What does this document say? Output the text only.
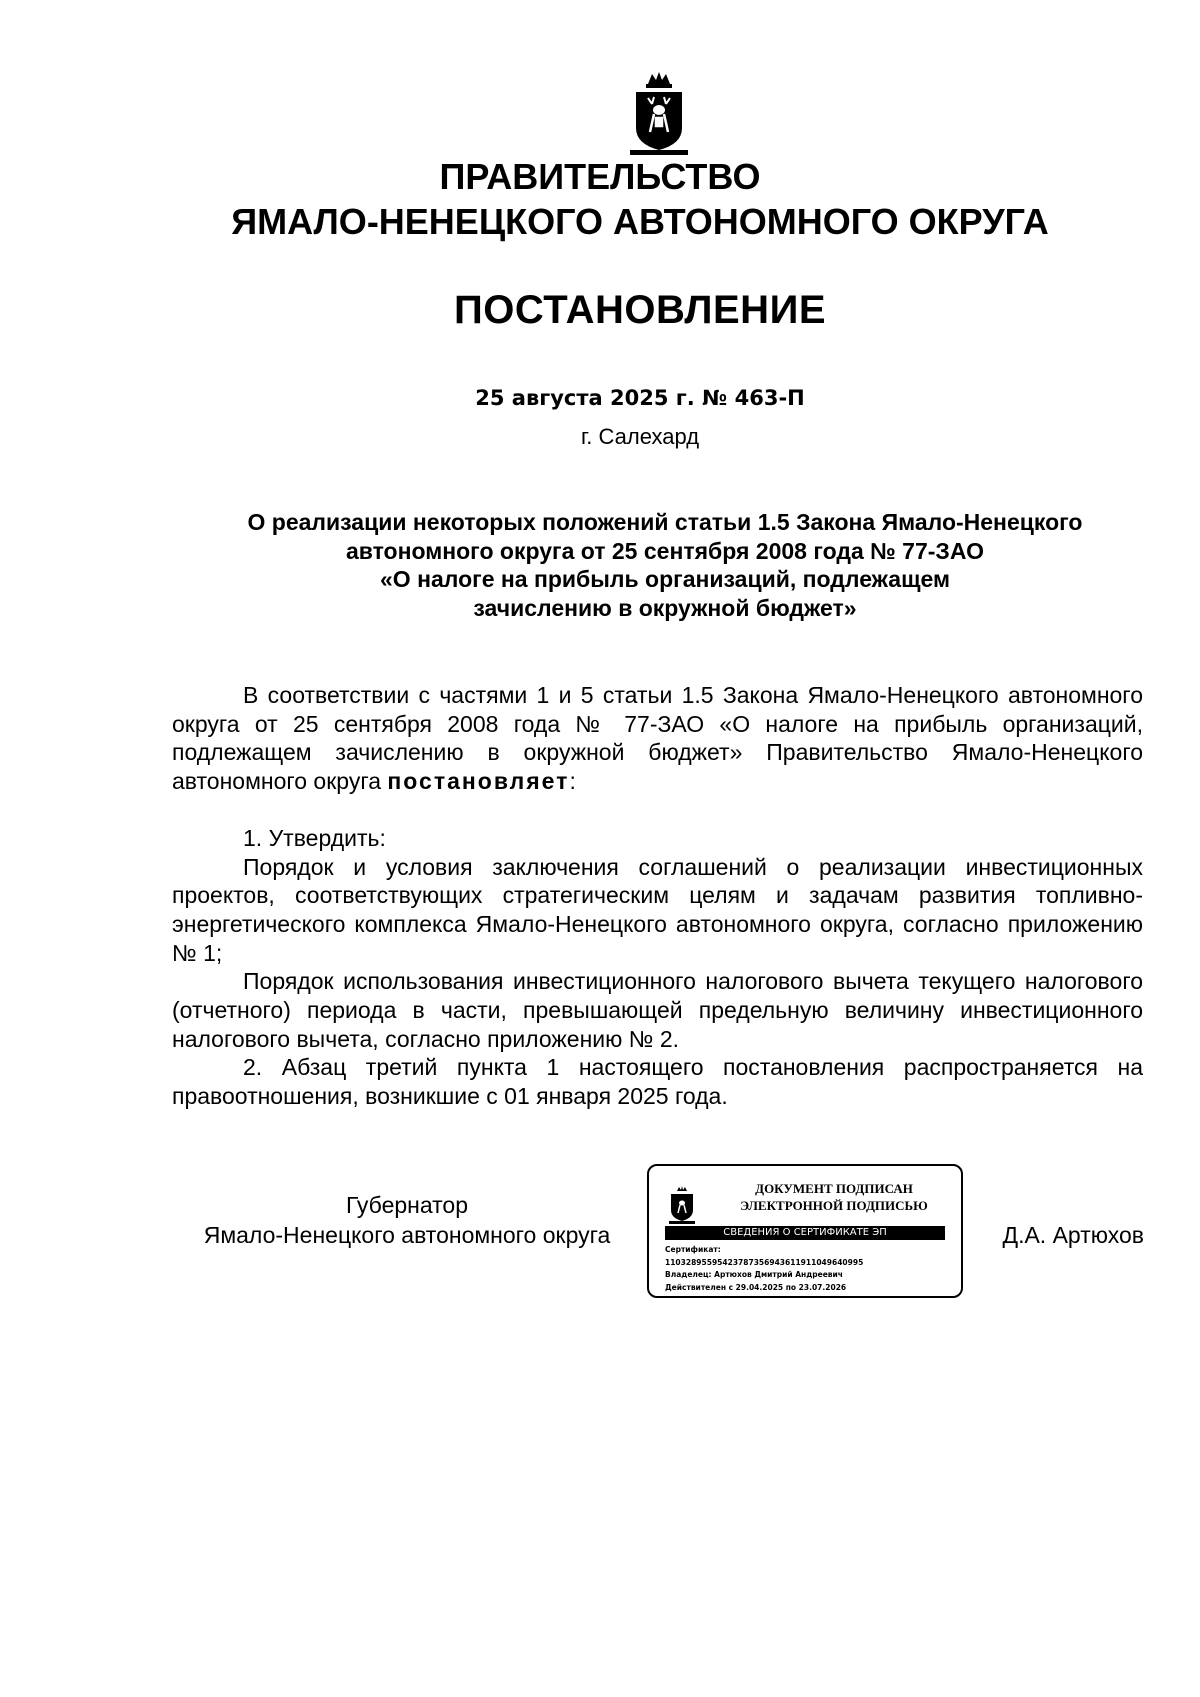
ПРАВИТЕЛЬСТВО
ЯМАЛО-НЕНЕЦКОГО АВТОНОМНОГО ОКРУГА
ПОСТАНОВЛЕНИЕ
25 августа 2025 г. № 463-П
г. Салехард
О реализации некоторых положений статьи 1.5 Закона Ямало-Ненецкого
автономного округа от 25 сентября 2008 года № 77-ЗАО
«О налоге на прибыль организаций, подлежащем
зачислению в окружной бюджет»

В соответствии с частями 1 и 5 статьи 1.5 Закона Ямало-Ненецкого автономного округа от 25 сентября 2008 года № 77-ЗАО «О налоге на прибыль организаций, подлежащем зачислению в окружной бюджет» Правительство Ямало-Ненецкого автономного округа постановляет:

1. Утвердить:

Порядок и условия заключения соглашений о реализации инвестиционных проектов, соответствующих стратегическим целям и задачам развития топливно-энергетического комплекса Ямало-Ненецкого автономного округа, согласно приложению № 1;

Порядок использования инвестиционного налогового вычета текущего налогового (отчетного) периода в части, превышающей предельную величину инвестиционного налогового вычета, согласно приложению № 2.

2. Абзац третий пункта 1 настоящего постановления распространяется на правоотношения, возникшие с 01 января 2025 года.

Губернатор
Ямало-Ненецкого автономного округа	Д.А. Артюхов
ДОКУМЕНТ ПОДПИСАН
ЭЛЕКТРОННОЙ ПОДПИСЬЮ
СВЕДЕНИЯ О СЕРТИФИКАТЕ ЭП
Сертификат:
11032895595423787356943611911049640995
Владелец: Артюхов Дмитрий Андреевич
Действителен с 29.04.2025 по 23.07.2026
